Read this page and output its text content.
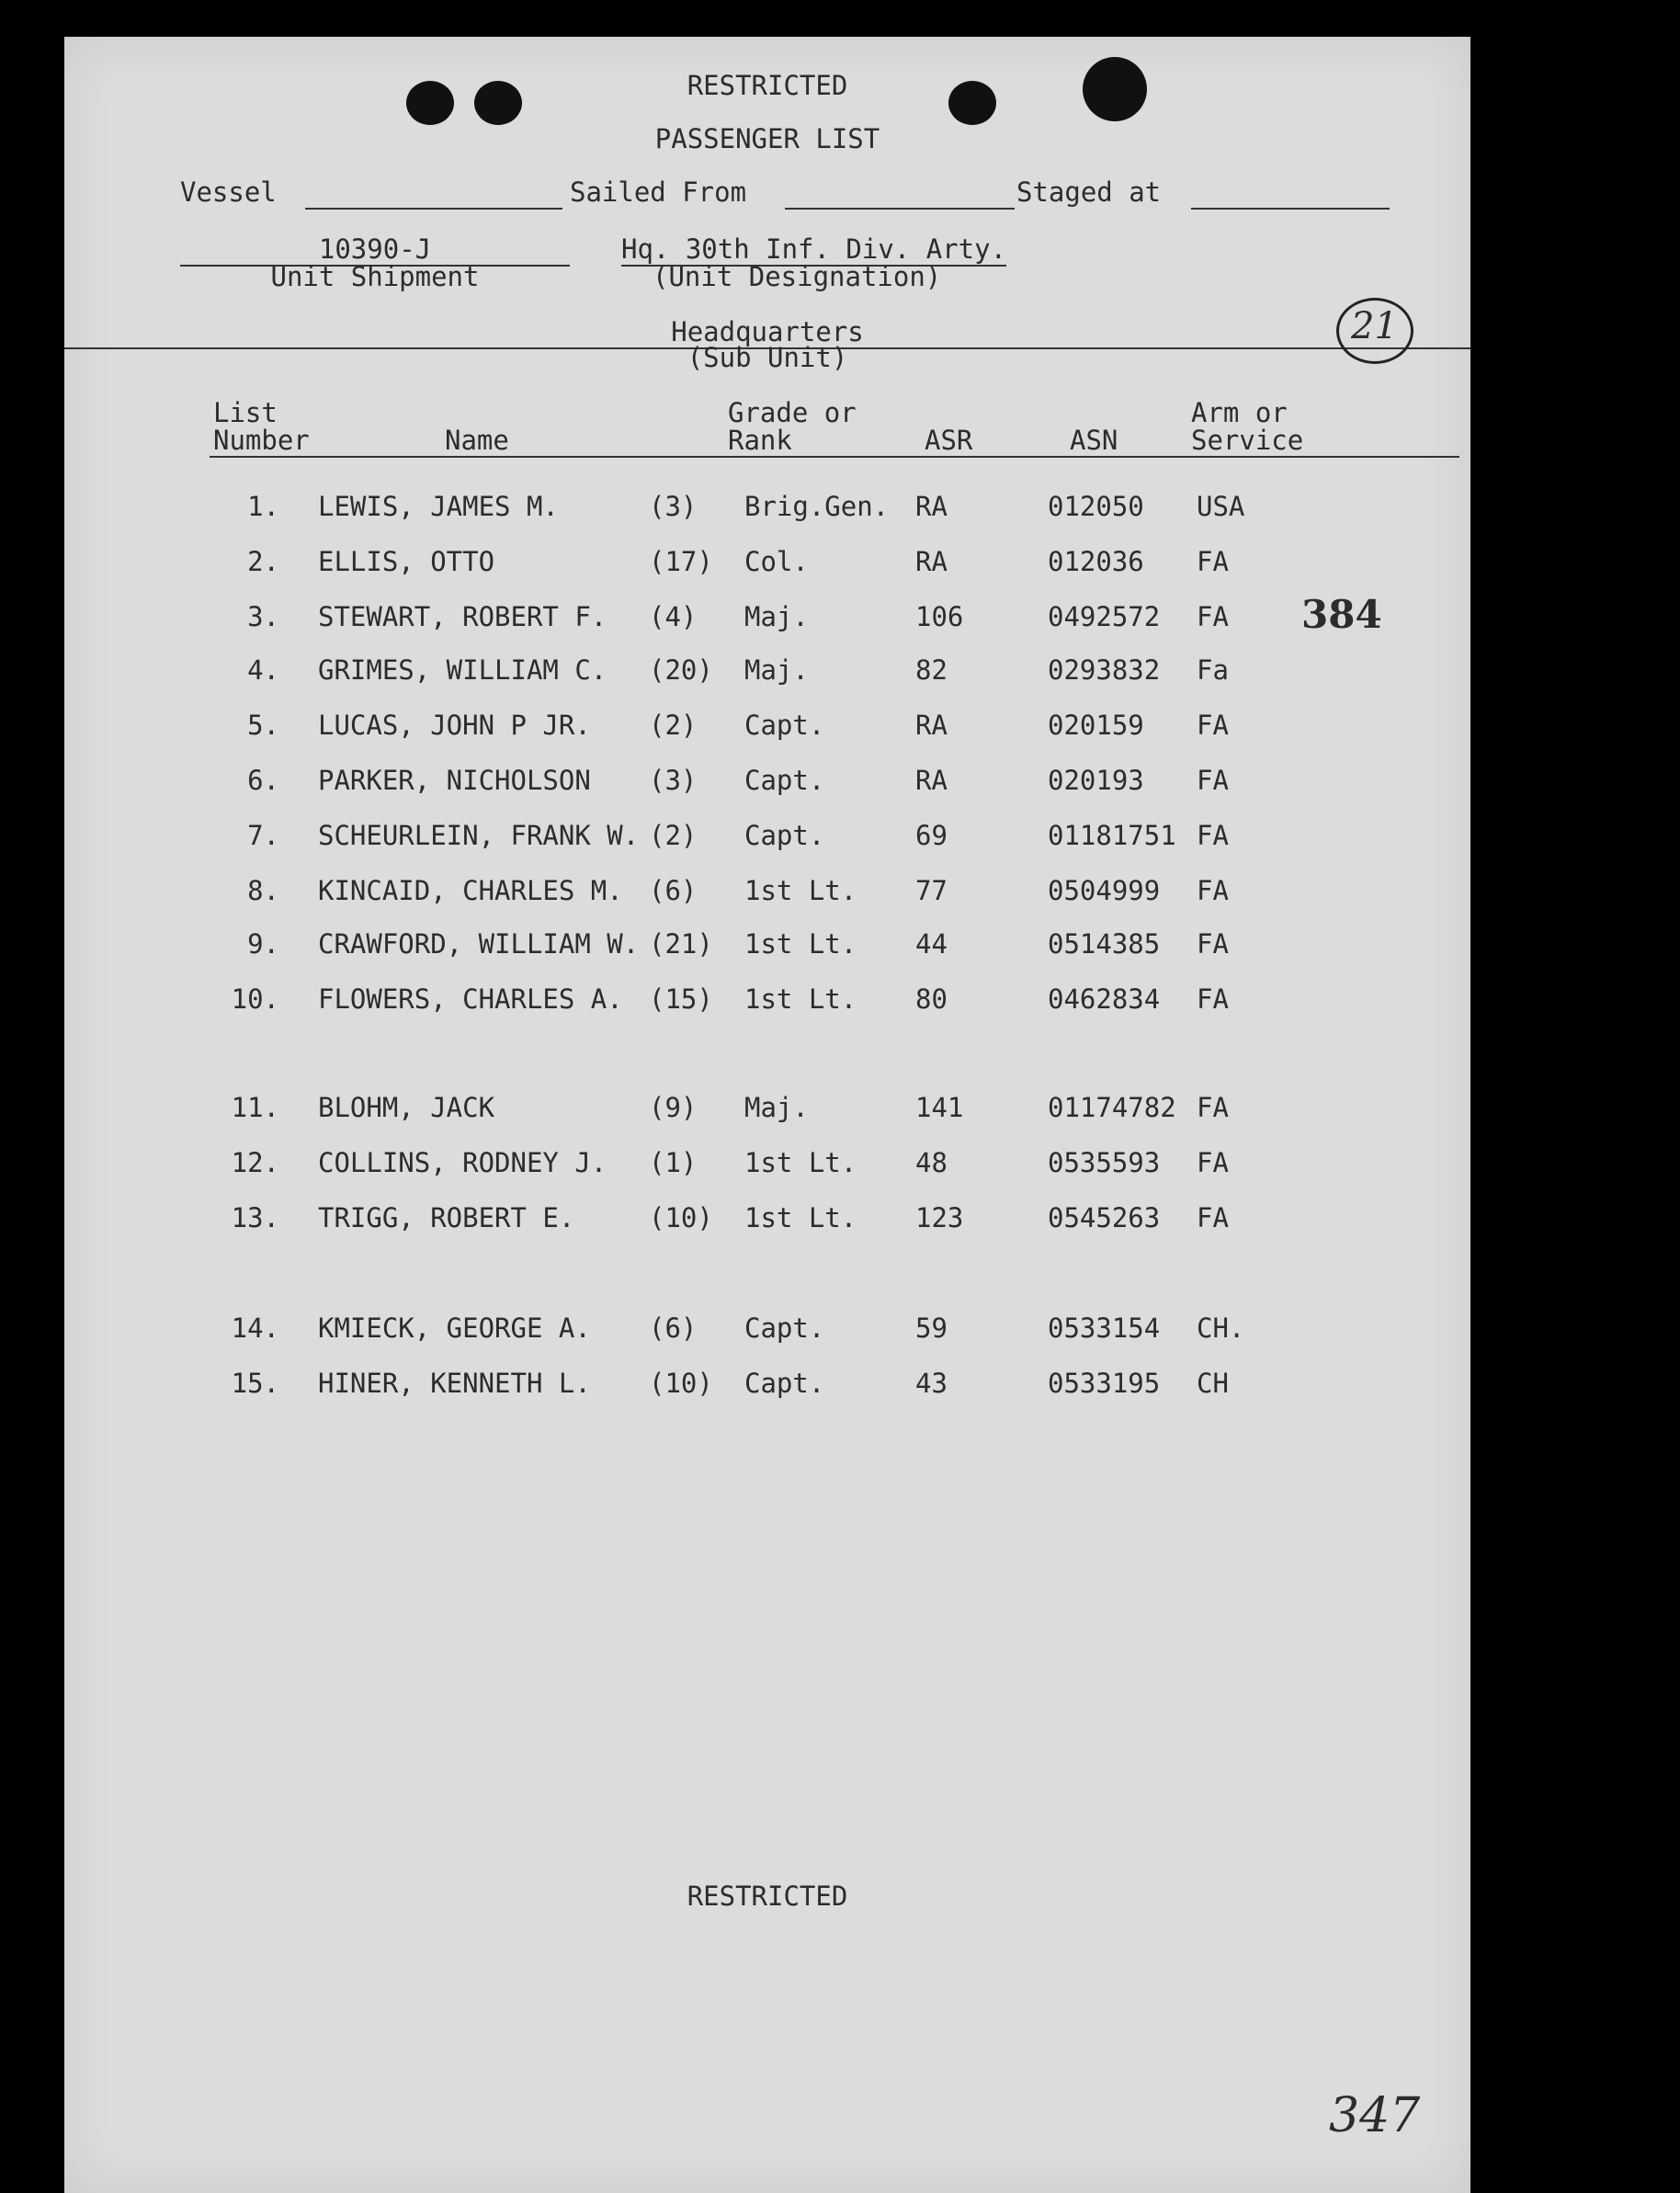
RESTRICTED
PASSENGER LIST
Vessel	Sailed From	Staged at
10390-J
Unit Shipment
Hq. 30th Inf. Div. Arty.
(Unit Designation)
Headquarters
(Sub Unit)
21
List
Number	Name
Grade or
Rank	ASR	ASN
Arm or
Service
384
1. LEWIS, JAMES M.	(3) Brig.Gen. RA	012050 USA
2. ELLIS, OTTO	(17) Col.	RA	012036 FA
3. STEWART, ROBERT F. (4) Maj.	106	0492572 FA
4. GRIMES, WILLIAM C. (20) Maj.	82	0293832 Fa
5. LUCAS, JOHN P JR. (2) Capt.	RA	020159 FA
6. PARKER, NICHOLSON (3) Capt.	RA	020193 FA
7. SCHEURLEIN, FRANK W. (2) Capt.	69	01181751 FA
8. KINCAID, CHARLES M. (6) 1st Lt. 77	0504999 FA
9. CRAWFORD, WILLIAM W. (21) 1st Lt. 44	0514385 FA
10. FLOWERS, CHARLES A. (15) 1st Lt. 80	0462834 FA
11. BLOHM, JACK	(9) Maj.	141	01174782 FA
12. COLLINS, RODNEY J. (1) 1st Lt. 48	0535593 FA
13. TRIGG, ROBERT E.	(10) 1st Lt. 123	0545263 FA
14. KMIECK, GEORGE A. (6) Capt.	59	0533154 CH.
15. HINER, KENNETH L. (10) Capt.	43	0533195 CH
RESTRICTED
347
